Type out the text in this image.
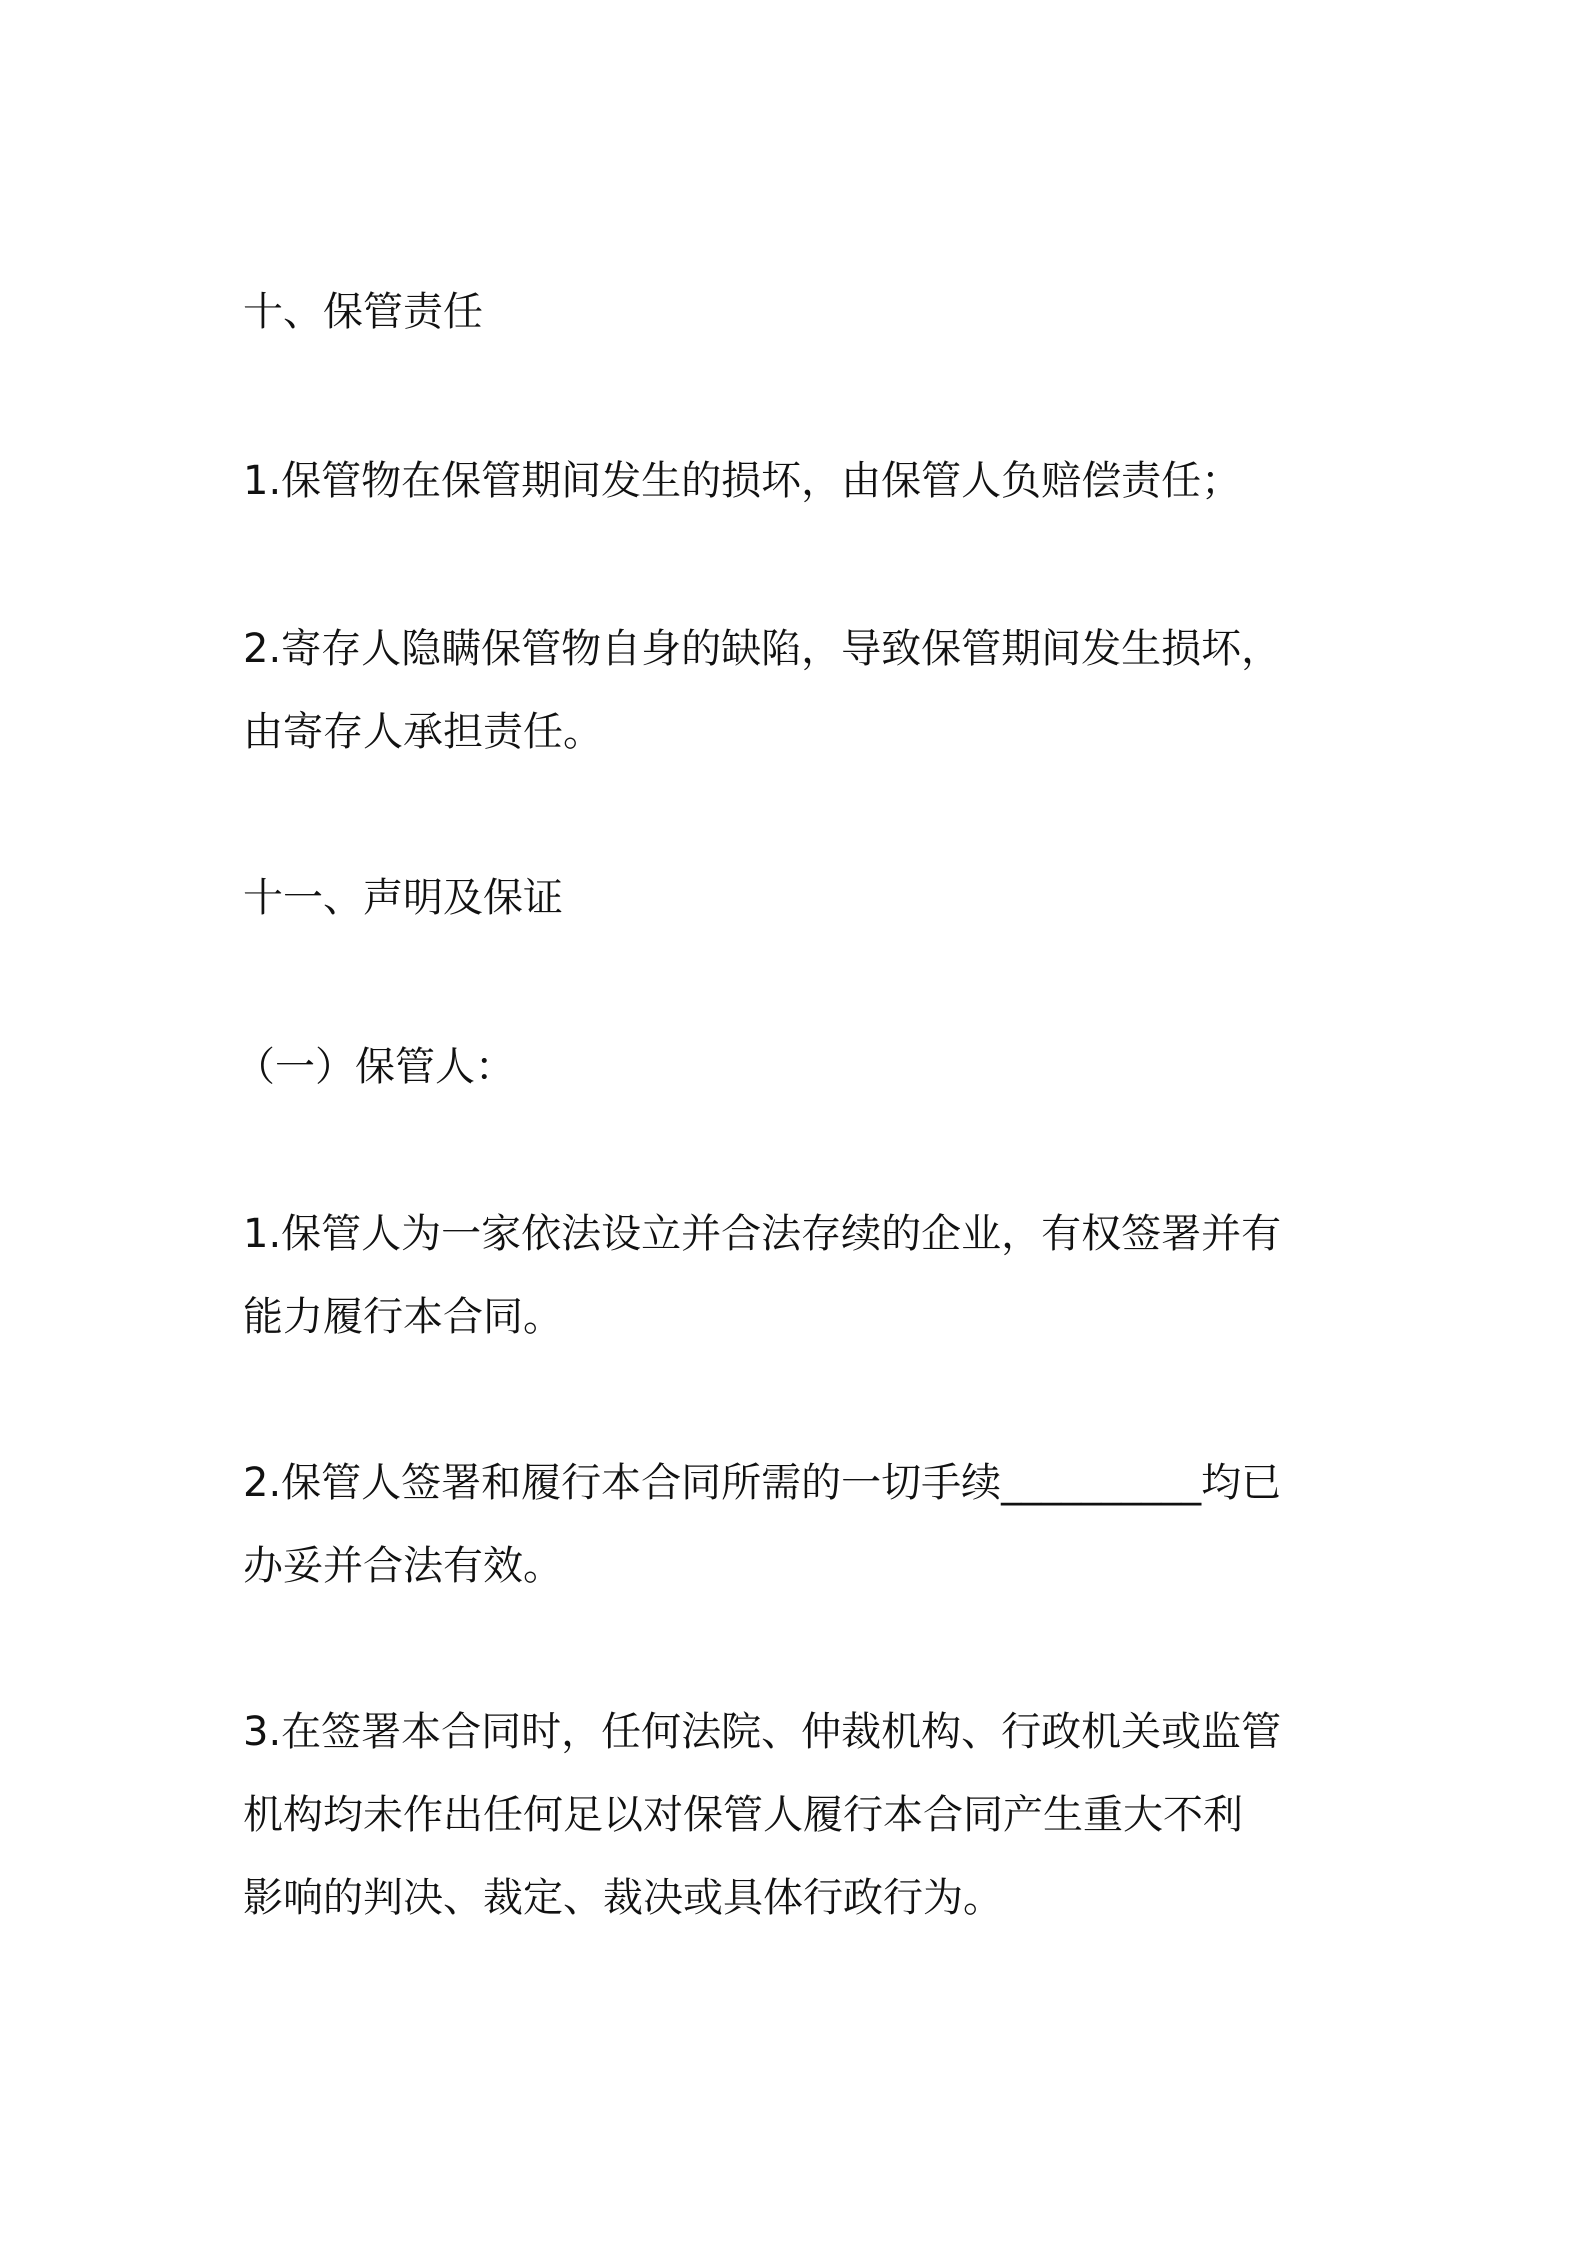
十、保管责任
1.保管物在保管期间发生的损坏，由保管人负赔偿责任；
2.寄存人隐瞒保管物自身的缺陷，导致保管期间发生损坏，
由寄存人承担责任。
十一、声明及保证
（一）保管人：
1.保管人为一家依法设立并合法存续的企业，有权签署并有
能力履行本合同。
2.保管人签署和履行本合同所需的一切手续__________均已
办妥并合法有效。
3.在签署本合同时，任何法院、仲裁机构、行政机关或监管
机构均未作出任何足以对保管人履行本合同产生重大不利
影响的判决、裁定、裁决或具体行政行为。
